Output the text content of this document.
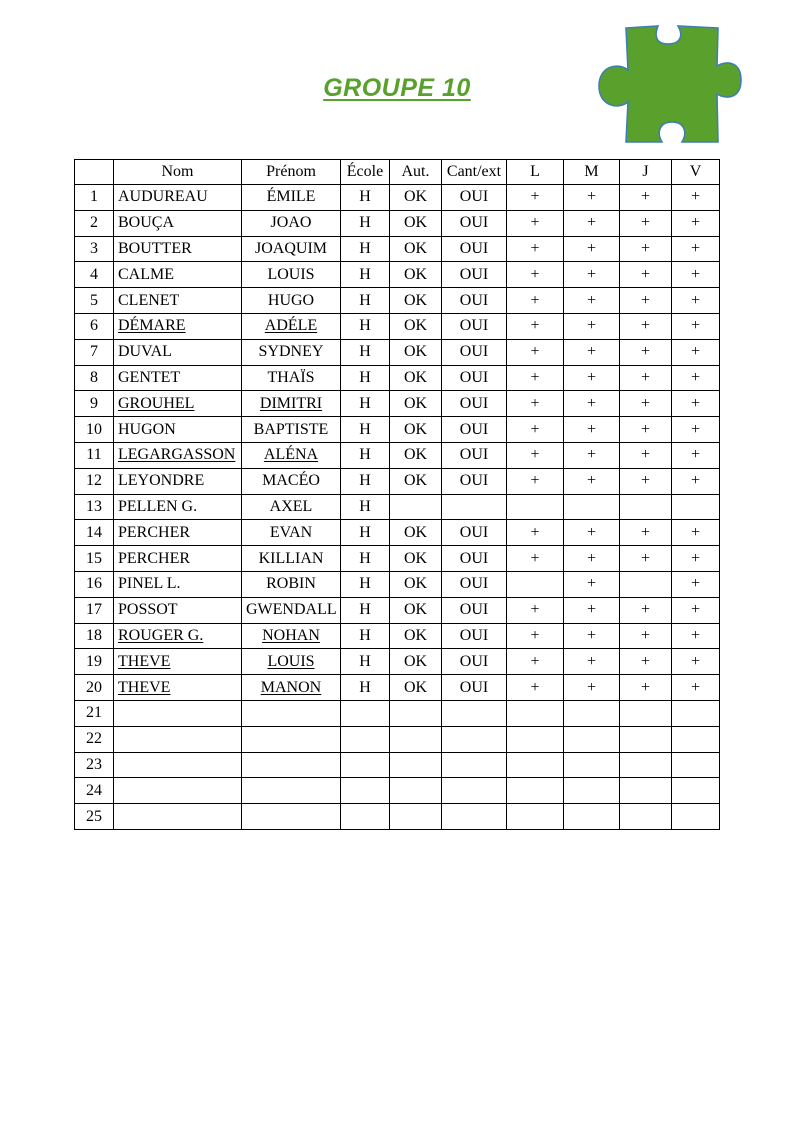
GROUPE 10
	Nom	Prénom	École	Aut.	Cant/ext	L	M	J	V
1	AUDUREAU	ÉMILE	H	OK	OUI	+	+	+	+
2	BOUÇA	JOAO	H	OK	OUI	+	+	+	+
3	BOUTTER	JOAQUIM	H	OK	OUI	+	+	+	+
4	CALME	LOUIS	H	OK	OUI	+	+	+	+
5	CLENET	HUGO	H	OK	OUI	+	+	+	+
6	DÉMARE	ADÉLE	H	OK	OUI	+	+	+	+
7	DUVAL	SYDNEY	H	OK	OUI	+	+	+	+
8	GENTET	THAÏS	H	OK	OUI	+	+	+	+
9	GROUHEL	DIMITRI	H	OK	OUI	+	+	+	+
10	HUGON	BAPTISTE	H	OK	OUI	+	+	+	+
11	LEGARGASSON	ALÉNA	H	OK	OUI	+	+	+	+
12	LEYONDRE	MACÉO	H	OK	OUI	+	+	+	+
13	PELLEN G.	AXEL	H						
14	PERCHER	EVAN	H	OK	OUI	+	+	+	+
15	PERCHER	KILLIAN	H	OK	OUI	+	+	+	+
16	PINEL L.	ROBIN	H	OK	OUI		+		+
17	POSSOT	GWENDALL	H	OK	OUI	+	+	+	+
18	ROUGER G.	NOHAN	H	OK	OUI	+	+	+	+
19	THEVE	LOUIS	H	OK	OUI	+	+	+	+
20	THEVE	MANON	H	OK	OUI	+	+	+	+
21									
22									
23									
24									
25									
